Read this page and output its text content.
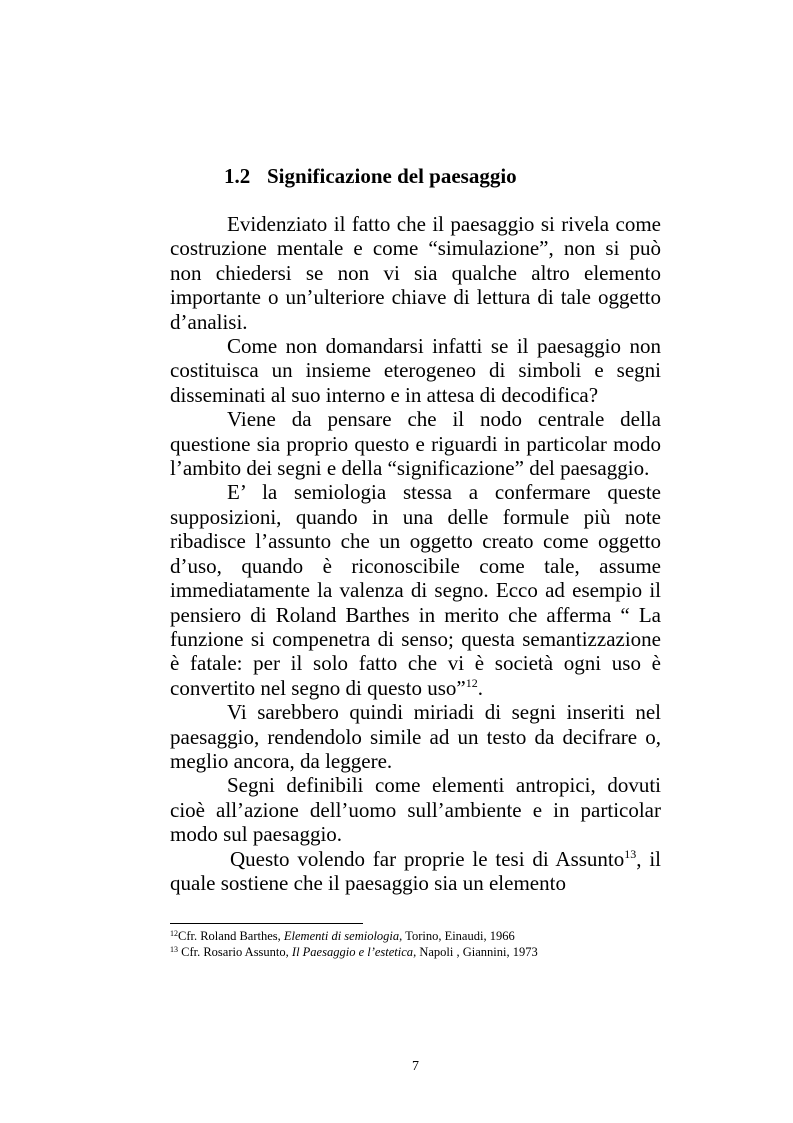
1.2 Significazione del paesaggio

Evidenziato il fatto che il paesaggio si rivela come costruzione mentale e come “simulazione”, non si può non chiedersi se non vi sia qualche altro elemento importante o un’ulteriore chiave di lettura di tale oggetto d’analisi.

Come non domandarsi infatti se il paesaggio non costituisca un insieme eterogeneo di simboli e segni disseminati al suo interno e in attesa di decodifica?

Viene da pensare che il nodo centrale della questione sia proprio questo e riguardi in particolar modo l’ambito dei segni e della “significazione” del paesaggio.

E’ la semiologia stessa a confermare queste supposizioni, quando in una delle formule più note ribadisce l’assunto che un oggetto creato come oggetto d’uso, quando è riconoscibile come tale, assume immediatamente la valenza di segno. Ecco ad esempio il pensiero di Roland Barthes in merito che afferma “ La funzione si compenetra di senso; questa semantizzazione è fatale: per il solo fatto che vi è società ogni uso è convertito nel segno di questo uso”$^{12}$.

Vi sarebbero quindi miriadi di segni inseriti nel paesaggio, rendendolo simile ad un testo da decifrare o, meglio ancora, da leggere.

Segni definibili come elementi antropici, dovuti cioè all’azione dell’uomo sull’ambiente e in particolar modo sul paesaggio.

Questo volendo far proprie le tesi di Assunto$^{13}$, il quale sostiene che il paesaggio sia un elemento

$^{12}$Cfr. Roland Barthes, Elementi di semiologia, Torino, Einaudi, 1966

$^{13}$ Cfr. Rosario Assunto, Il Paesaggio e l’estetica, Napoli , Giannini, 1973

7
